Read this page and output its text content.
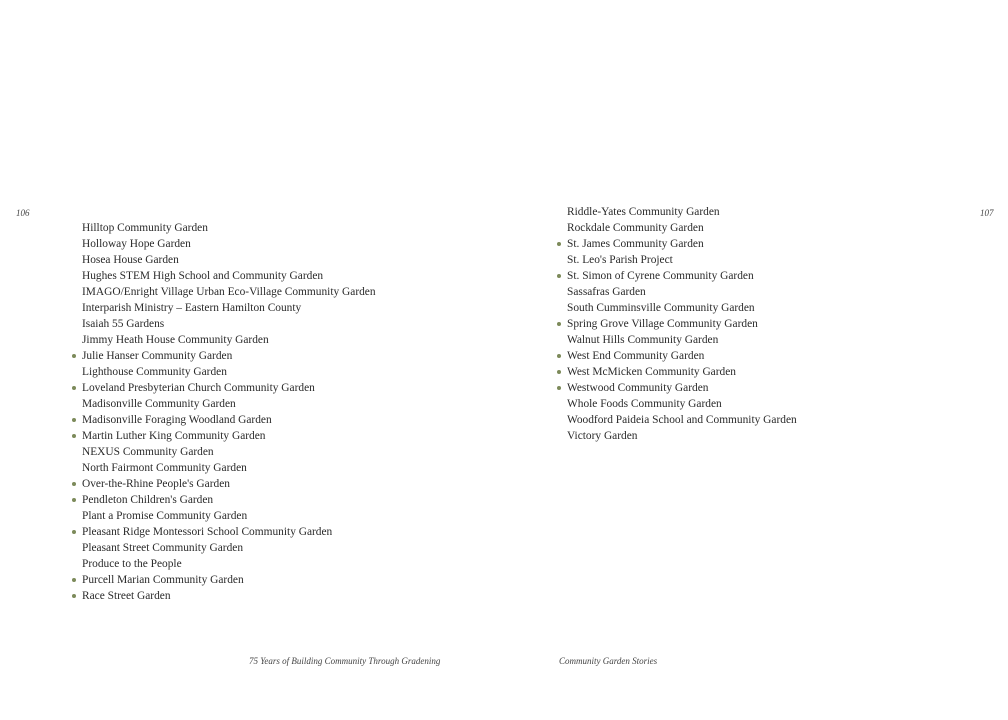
106	107
Hilltop Community Garden
Holloway Hope Garden
Hosea House Garden
Hughes STEM High School and Community Garden
IMAGO/Enright Village Urban Eco-Village Community Garden
Interparish Ministry – Eastern Hamilton County
Isaiah 55 Gardens
Jimmy Heath House Community Garden
Julie Hanser Community Garden
Lighthouse Community Garden
Loveland Presbyterian Church Community Garden
Madisonville Community Garden
Madisonville Foraging Woodland Garden
Martin Luther King Community Garden
NEXUS Community Garden
North Fairmont Community Garden
Over-the-Rhine People's Garden
Pendleton Children's Garden
Plant a Promise Community Garden
Pleasant Ridge Montessori School Community Garden
Pleasant Street Community Garden
Produce to the People
Purcell Marian Community Garden
Race Street Garden
Riddle-Yates Community Garden
Rockdale Community Garden
St. James Community Garden
St. Leo's Parish Project
St. Simon of Cyrene Community Garden
Sassafras Garden
South Cumminsville Community Garden
Spring Grove Village Community Garden
Walnut Hills Community Garden
West End Community Garden
West McMicken Community Garden
Westwood Community Garden
Whole Foods Community Garden
Woodford Paideia School and Community Garden
Victory Garden
75 Years of Building Community Through Gradening	Community Garden Stories
